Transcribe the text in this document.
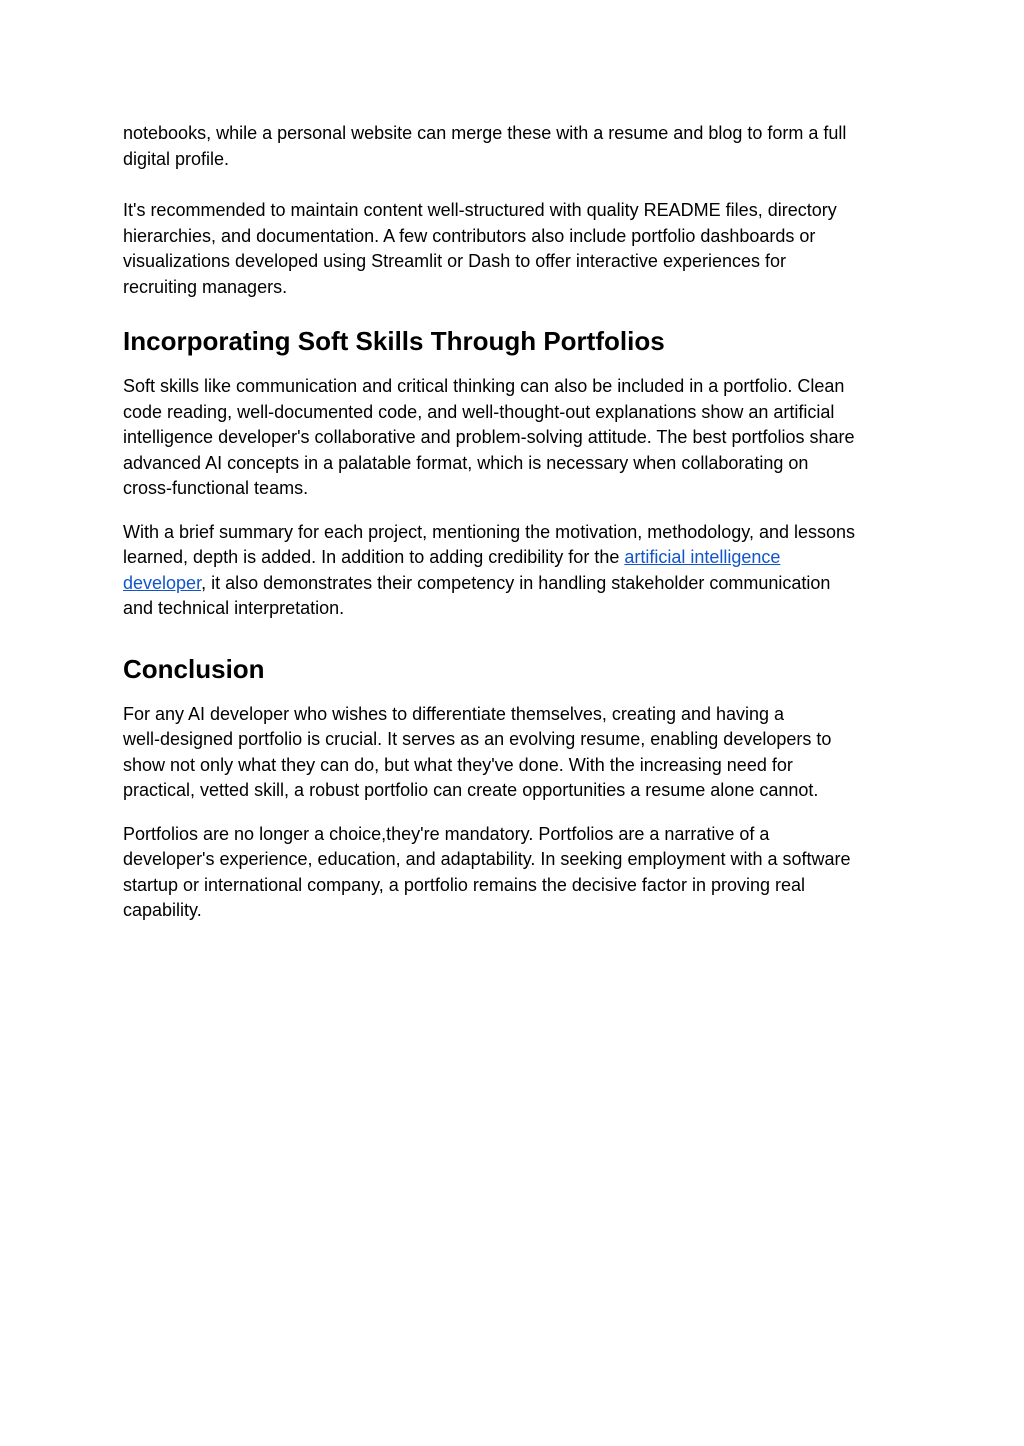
notebooks, while a personal website can merge these with a resume and blog to form a full
digital profile.

It's recommended to maintain content well-structured with quality README files, directory
hierarchies, and documentation. A few contributors also include portfolio dashboards or
visualizations developed using Streamlit or Dash to offer interactive experiences for
recruiting managers.

Incorporating Soft Skills Through Portfolios

Soft skills like communication and critical thinking can also be included in a portfolio. Clean
code reading, well-documented code, and well-thought-out explanations show an artificial
intelligence developer's collaborative and problem-solving attitude. The best portfolios share
advanced AI concepts in a palatable format, which is necessary when collaborating on
cross-functional teams.

With a brief summary for each project, mentioning the motivation, methodology, and lessons
learned, depth is added. In addition to adding credibility for the artificial intelligence
developer, it also demonstrates their competency in handling stakeholder communication
and technical interpretation.

Conclusion

For any AI developer who wishes to differentiate themselves, creating and having a
well-designed portfolio is crucial. It serves as an evolving resume, enabling developers to
show not only what they can do, but what they've done. With the increasing need for
practical, vetted skill, a robust portfolio can create opportunities a resume alone cannot.

Portfolios are no longer a choice,they're mandatory. Portfolios are a narrative of a
developer's experience, education, and adaptability. In seeking employment with a software
startup or international company, a portfolio remains the decisive factor in proving real
capability.
